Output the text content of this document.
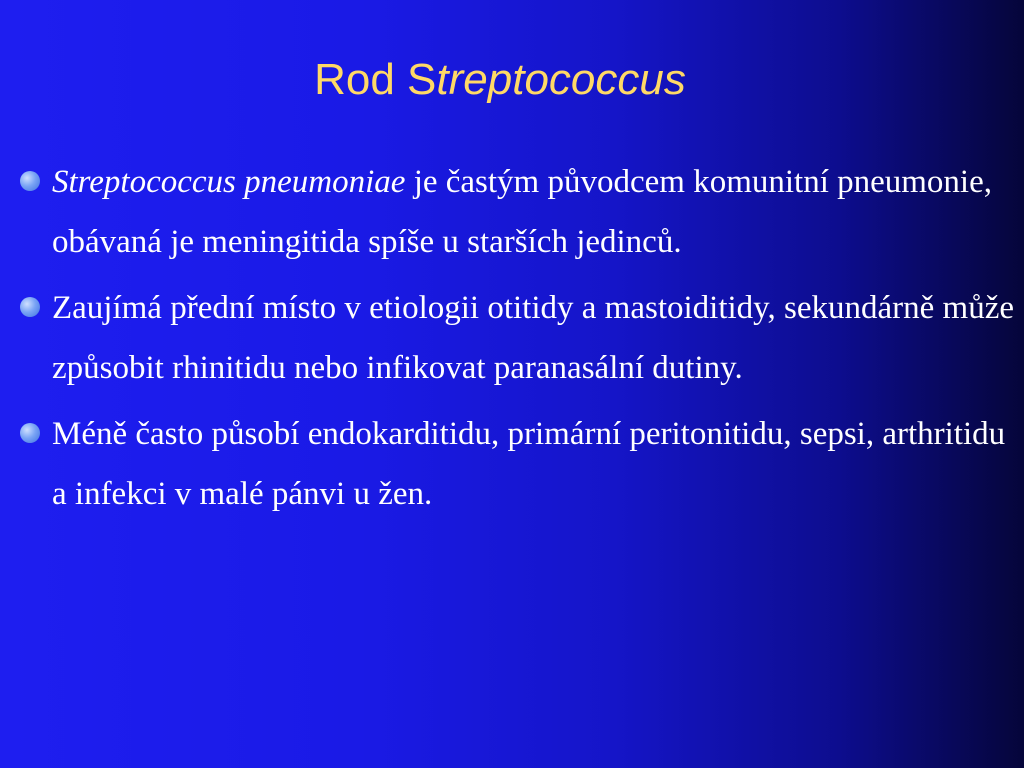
Rod Streptococcus
Streptococcus pneumoniae je častým původcem komunitní pneumonie, obávaná je meningitida spíše u starších jedinců.
Zaujímá přední místo v etiologii otitidy a mastoiditidy, sekundárně může způsobit rhinitidu nebo infikovat paranasální dutiny.
Méně často působí endokarditidu, primární peritonitidu, sepsi, arthritidu a infekci v malé pánvi u žen.
